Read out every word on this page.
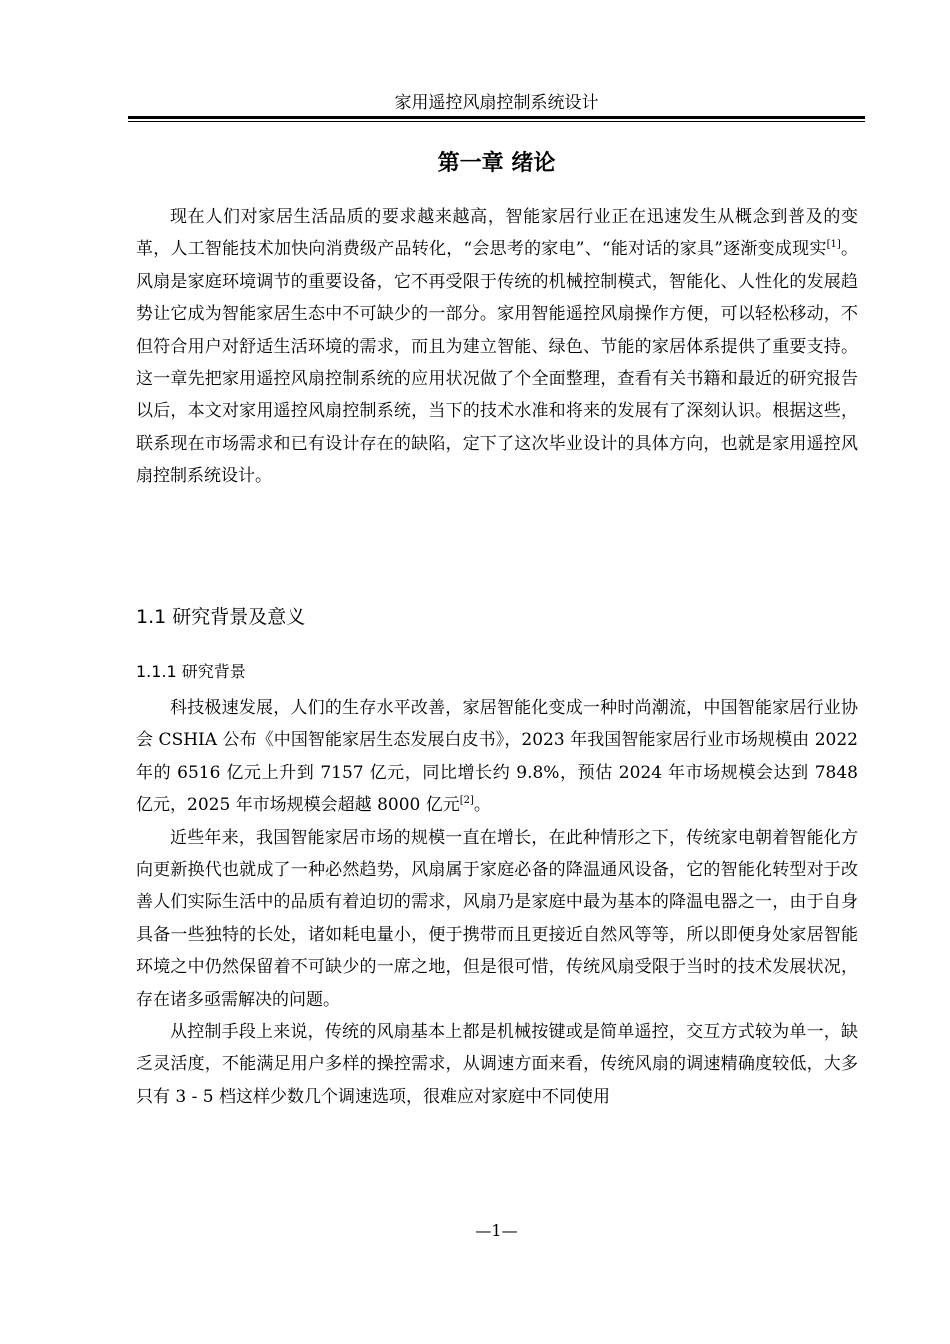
家用遥控风扇控制系统设计
第一章 绪论

现在人们对家居生活品质的要求越来越高，智能家居行业正在迅速发生从概念到普及的变革，人工智能技术加快向消费级产品转化，“会思考的家电”、“能对话的家具”逐渐变成现实[1]。风扇是家庭环境调节的重要设备，它不再受限于传统的机械控制模式，智能化、人性化的发展趋势让它成为智能家居生态中不可缺少的一部分。家用智能遥控风扇操作方便，可以轻松移动，不但符合用户对舒适生活环境的需求，而且为建立智能、绿色、节能的家居体系提供了重要支持。这一章先把家用遥控风扇控制系统的应用状况做了个全面整理，查看有关书籍和最近的研究报告以后，本文对家用遥控风扇控制系统，当下的技术水准和将来的发展有了深刻认识。根据这些，联系现在市场需求和已有设计存在的缺陷，定下了这次毕业设计的具体方向，也就是家用遥控风扇控制系统设计。

1.1 研究背景及意义
1.1.1 研究背景

科技极速发展，人们的生存水平改善，家居智能化变成一种时尚潮流，中国智能家居行业协会 CSHIA 公布《中国智能家居生态发展白皮书》，2023 年我国智能家居行业市场规模由 2022 年的 6516 亿元上升到 7157 亿元，同比增长约 9.8%，预估 2024 年市场规模会达到 7848 亿元，2025 年市场规模会超越 8000 亿元[2]。

近些年来，我国智能家居市场的规模一直在增长，在此种情形之下，传统家电朝着智能化方向更新换代也就成了一种必然趋势，风扇属于家庭必备的降温通风设备，它的智能化转型对于改善人们实际生活中的品质有着迫切的需求，风扇乃是家庭中最为基本的降温电器之一，由于自身具备一些独特的长处，诸如耗电量小，便于携带而且更接近自然风等等，所以即便身处家居智能环境之中仍然保留着不可缺少的一席之地，但是很可惜，传统风扇受限于当时的技术发展状况，存在诸多亟需解决的问题。

从控制手段上来说，传统的风扇基本上都是机械按键或是简单遥控，交互方式较为单一，缺乏灵活度，不能满足用户多样的操控需求，从调速方面来看，传统风扇的调速精确度较低，大多只有 3 - 5 档这样少数几个调速选项，很难应对家庭中不同使用

—1—
